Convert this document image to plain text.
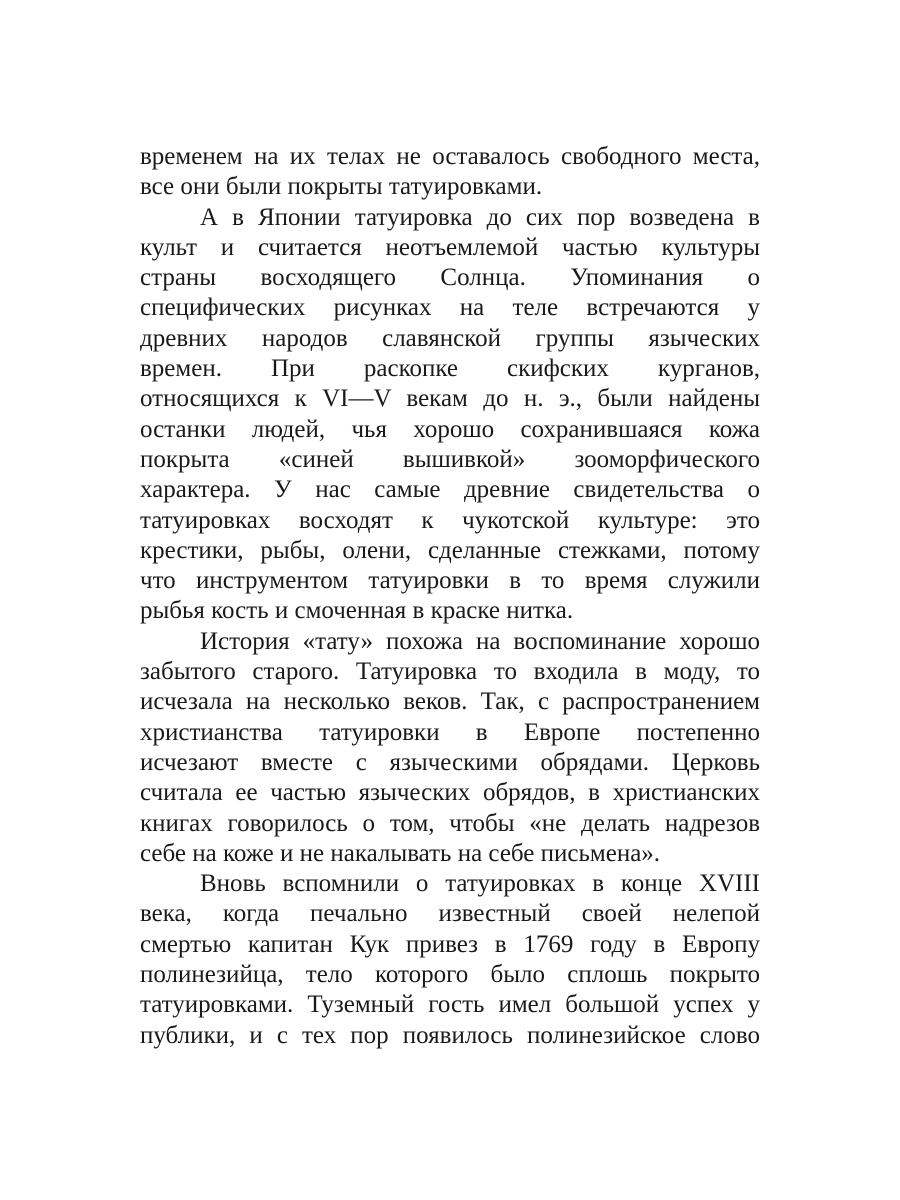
временем на их телах не оставалось свободного места,
все они были покрыты татуировками.
А в Японии татуировка до сих пор возведена в
культ и считается неотъемлемой частью культуры
страны восходящего Солнца. Упоминания о
специфических рисунках на теле встречаются у
древних народов славянской группы языческих
времен. При раскопке скифских курганов,
относящихся к VI—V векам до н. э., были найдены
останки людей, чья хорошо сохранившаяся кожа
покрыта «синей вышивкой» зооморфического
характера. У нас самые древние свидетельства о
татуировках восходят к чукотской культуре: это
крестики, рыбы, олени, сделанные стежками, потому
что инструментом татуировки в то время служили
рыбья кость и смоченная в краске нитка.
История «тату» похожа на воспоминание хорошо
забытого старого. Татуировка то входила в моду, то
исчезала на несколько веков. Так, с распространением
христианства татуировки в Европе постепенно
исчезают вместе с языческими обрядами. Церковь
считала ее частью языческих обрядов, в христианских
книгах говорилось о том, чтобы «не делать надрезов
себе на коже и не накалывать на себе письмена».
Вновь вспомнили о татуировках в конце XVIII
века, когда печально известный своей нелепой
смертью капитан Кук привез в 1769 году в Европу
полинезийца, тело которого было сплошь покрыто
татуировками. Туземный гость имел большой успех у
публики, и с тех пор появилось полинезийское слово
